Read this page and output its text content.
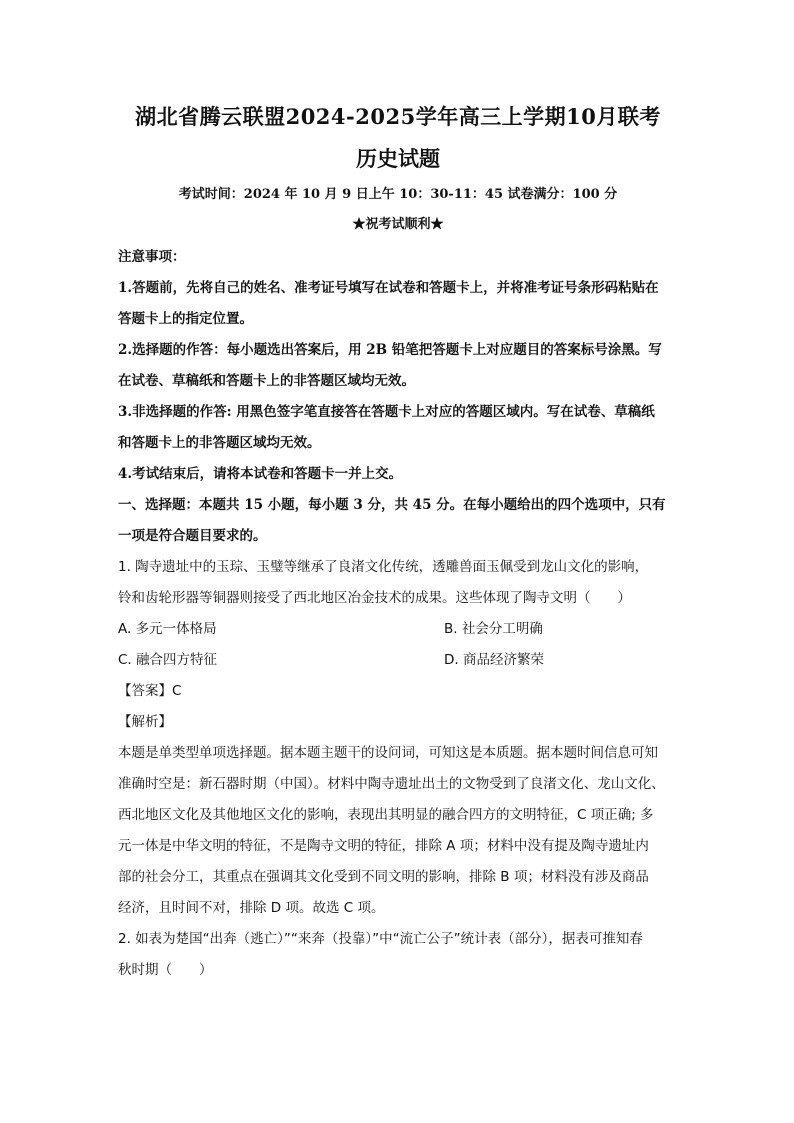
湖北省腾云联盟2024-2025学年高三上学期10月联考
历史试题
考试时间：2024 年 10 月 9 日上午 10：30-11：45 试卷满分：100 分
★祝考试顺利★

注意事项：

1.答题前，先将自己的姓名、准考证号填写在试卷和答题卡上，并将准考证号条形码粘贴在

答题卡上的指定位置。

2.选择题的作答：每小题选出答案后，用 2B 铅笔把答题卡上对应题目的答案标号涂黑。写

在试卷、草稿纸和答题卡上的非答题区域均无效。

3.非选择题的作答: 用黑色签字笔直接答在答题卡上对应的答题区域内。写在试卷、草稿纸

和答题卡上的非答题区域均无效。

4.考试结束后，请将本试卷和答题卡一并上交。

一、选择题：本题共 15 小题，每小题 3 分，共 45 分。在每小题给出的四个选项中，只有

一项是符合题目要求的。

1. 陶寺遗址中的玉琮、玉璧等继承了良渚文化传统，透雕兽面玉佩受到龙山文化的影响，

铃和齿轮形器等铜器则接受了西北地区冶金技术的成果。这些体现了陶寺文明（　　）

A. 多元一体格局	B. 社会分工明确
C. 融合四方特征	D. 商品经济繁荣

【答案】C

【解析】

本题是单类型单项选择题。据本题主题干的设问词，可知这是本质题。据本题时间信息可知

准确时空是：新石器时期（中国）。材料中陶寺遗址出土的文物受到了良渚文化、龙山文化、

西北地区文化及其他地区文化的影响，表现出其明显的融合四方的文明特征，C 项正确; 多

元一体是中华文明的特征，不是陶寺文明的特征，排除 A 项；材料中没有提及陶寺遗址内

部的社会分工，其重点在强调其文化受到不同文明的影响，排除 B 项；材料没有涉及商品

经济，且时间不对，排除 D 项。故选 C 项。

2. 如表为楚国“出奔（逃亡）”“来奔（投靠）”中“流亡公子”统计表（部分），据表可推知春

秋时期（　　）
